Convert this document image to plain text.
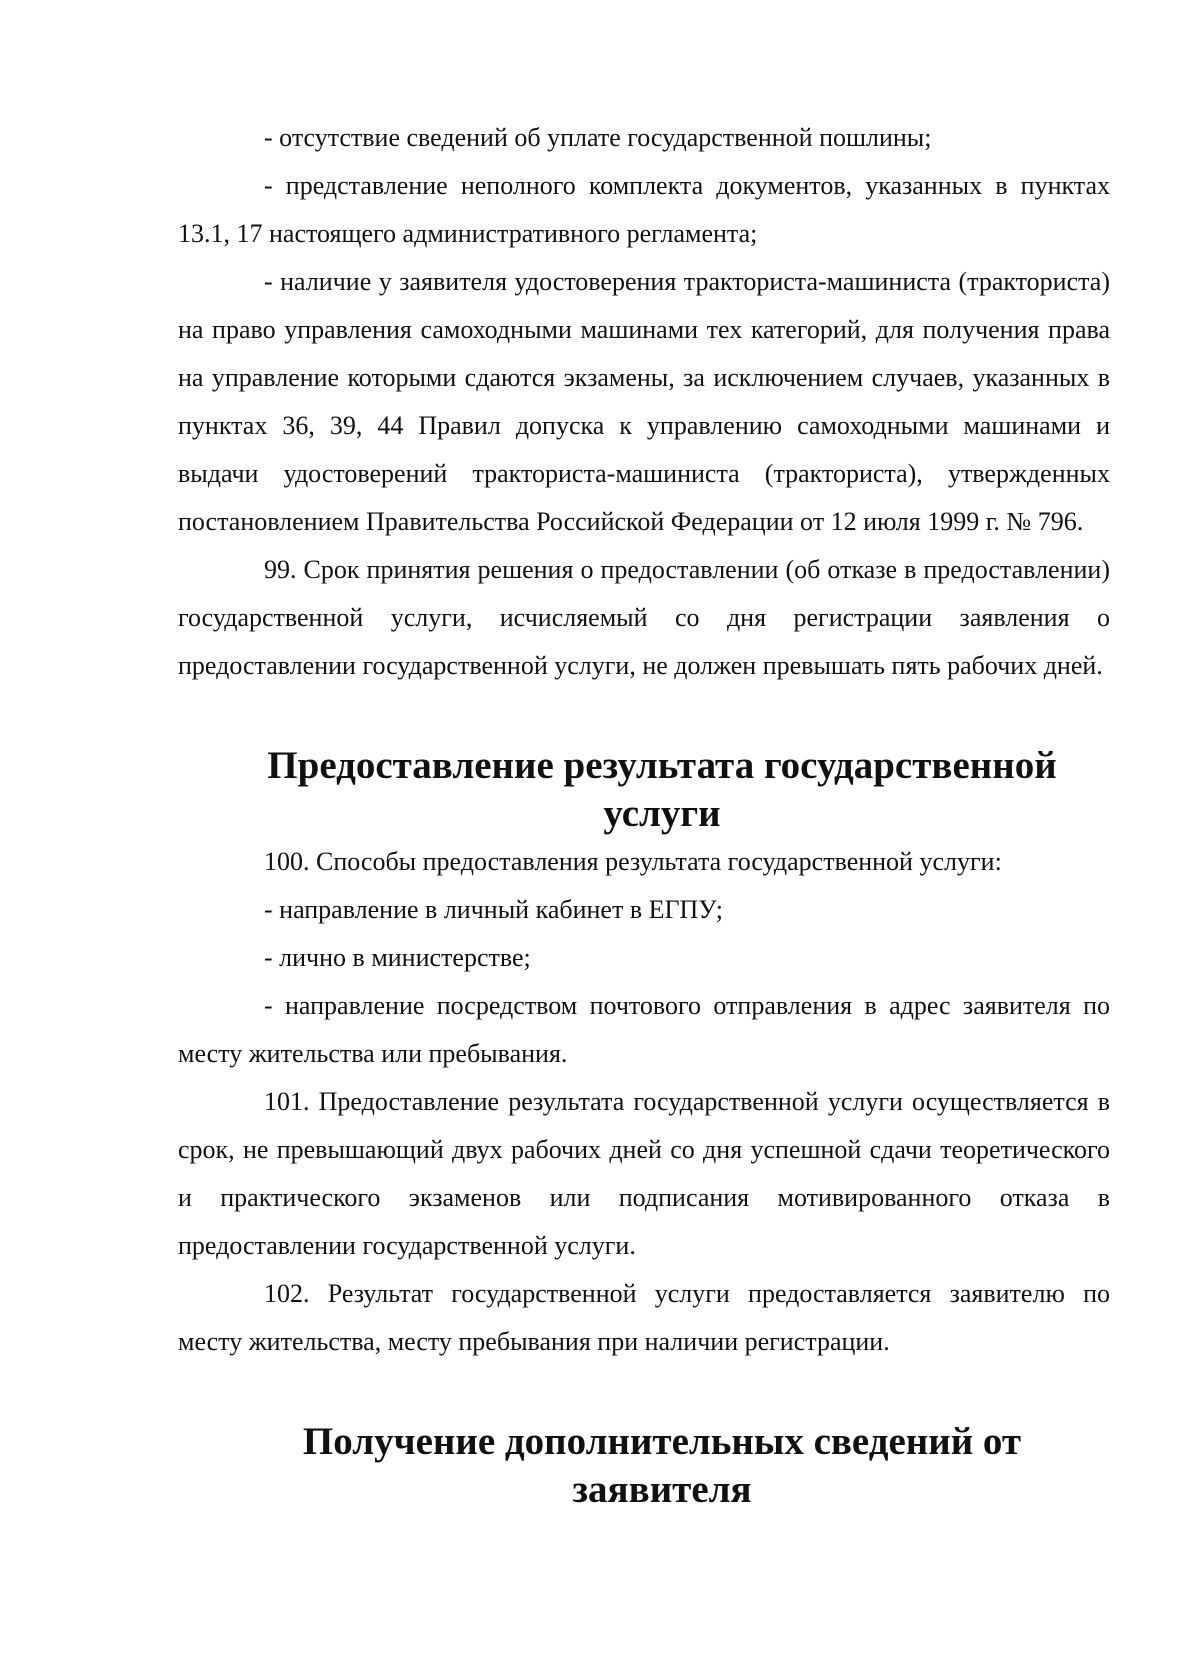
- отсутствие сведений об уплате государственной пошлины;

- представление неполного комплекта документов, указанных в пунктах 13.1, 17 настоящего административного регламента;

- наличие у заявителя удостоверения тракториста-машиниста (тракториста) на право управления самоходными машинами тех категорий, для получения права на управление которыми сдаются экзамены, за исключением случаев, указанных в пунктах 36, 39, 44 Правил допуска к управлению самоходными машинами и выдачи удостоверений тракториста-машиниста (тракториста), утвержденных постановлением Правительства Российской Федерации от 12 июля 1999 г. № 796.

99. Срок принятия решения о предоставлении (об отказе в предоставлении) государственной услуги, исчисляемый со дня регистрации заявления о предоставлении государственной услуги, не должен превышать пять рабочих дней.

Предоставление результата государственной услуги

100. Способы предоставления результата государственной услуги:

- направление в личный кабинет в ЕГПУ;

- лично в министерстве;

- направление посредством почтового отправления в адрес заявителя по месту жительства или пребывания.

101. Предоставление результата государственной услуги осуществляется в срок, не превышающий двух рабочих дней со дня успешной сдачи теоретического и практического экзаменов или подписания мотивированного отказа в предоставлении государственной услуги.

102. Результат государственной услуги предоставляется заявителю по месту жительства, месту пребывания при наличии регистрации.

Получение дополнительных сведений от заявителя
